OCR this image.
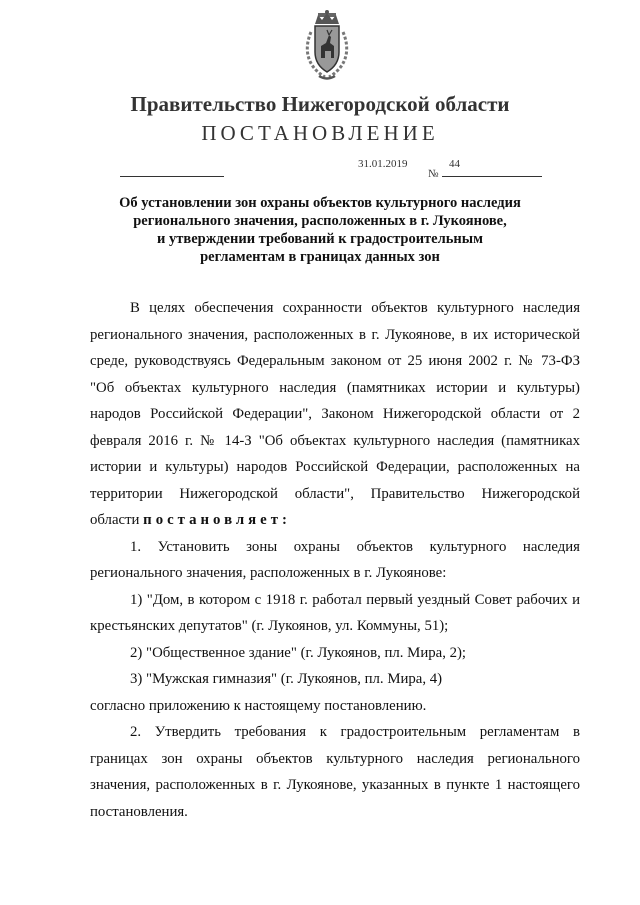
Правительство Нижегородской области
ПОСТАНОВЛЕНИЕ
31.01.2019
№
44
Об установлении зон охраны объектов культурного наследия
регионального значения, расположенных в г. Лукоянове,
и утверждении требований к градостроительным
регламентам в границах данных зон

В целях обеспечения сохранности объектов культурного наследия регионального значения, расположенных в г. Лукоянове, в их исторической среде, руководствуясь Федеральным законом от 25 июня 2002 г. № 73-ФЗ "Об объектах культурного наследия (памятниках истории и культуры) народов Российской Федерации", Законом Нижегородской области от 2 февраля 2016 г. № 14-З "Об объектах культурного наследия (памятниках истории и культуры) народов Российской Федерации, расположенных на территории Нижегородской области", Правительство Нижегородской области постановляет:

1. Установить зоны охраны объектов культурного наследия регионального значения, расположенных в г. Лукоянове:

1) "Дом, в котором с 1918 г. работал первый уездный Совет рабочих и крестьянских депутатов" (г. Лукоянов, ул. Коммуны, 51);

2) "Общественное здание" (г. Лукоянов, пл. Мира, 2);

3) "Мужская гимназия" (г. Лукоянов, пл. Мира, 4)

согласно приложению к настоящему постановлению.

2. Утвердить требования к градостроительным регламентам в границах зон охраны объектов культурного наследия регионального значения, расположенных в г. Лукоянове, указанных в пункте 1 настоящего постановления.
